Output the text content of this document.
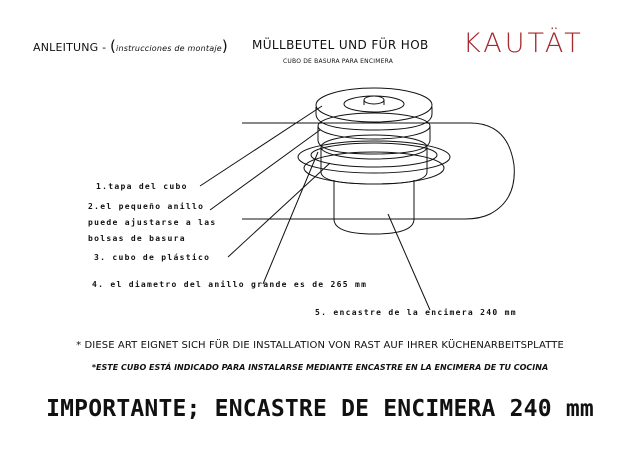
ANLEITUNG - (instrucciones de montaje) MÜLLBEUTEL UND FÜR HOB
CUBO DE BASURA PARA ENCIMERA
KAUTÄT
1.tapa del cubo
2.el pequeño anillo
puede ajustarse a las
bolsas de basura
3. cubo de plástico
4. el diametro del anillo grande es de 265 mm
5. encastre de la encimera 240 mm
* DIESE ART EIGNET SICH FÜR DIE INSTALLATION VON RAST AUF IHRER KÜCHENARBEITSPLATTE
*ESTE CUBO ESTÁ INDICADO PARA INSTALARSE MEDIANTE ENCASTRE EN LA ENCIMERA DE TU COCINA
IMPORTANTE; ENCASTRE DE ENCIMERA 240 mm
